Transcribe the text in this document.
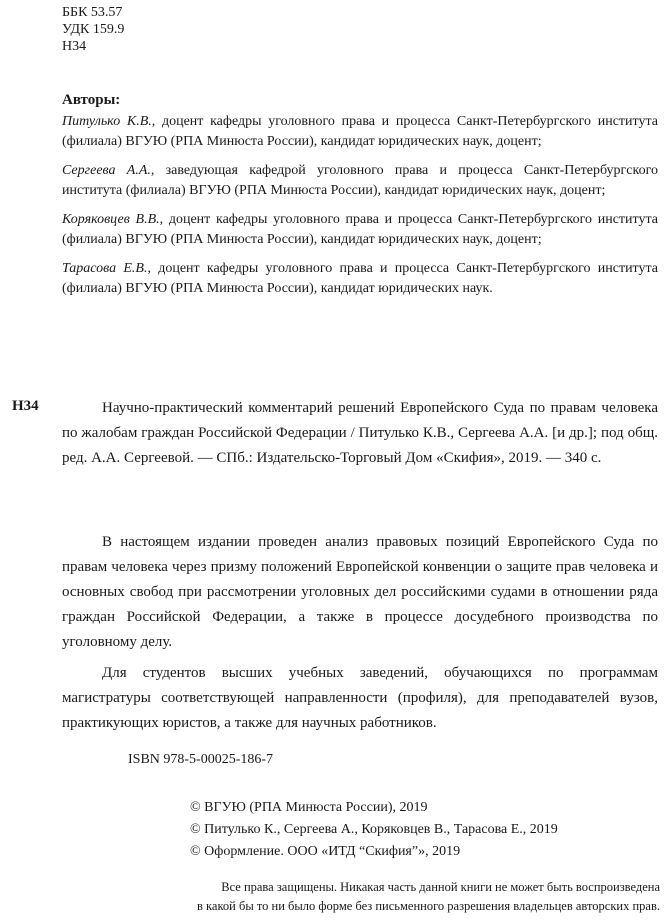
ББК 53.57
УДК 159.9
Н34
Авторы:
Питулько К.В., доцент кафедры уголовного права и процесса Санкт-Петербургского института (филиала) ВГУЮ (РПА Минюста России), кандидат юридических наук, доцент;
Сергеева А.А., заведующая кафедрой уголовного права и процесса Санкт-Петербургского института (филиала) ВГУЮ (РПА Минюста России), кандидат юридических наук, доцент;
Коряковцев В.В., доцент кафедры уголовного права и процесса Санкт-Петербургского института (филиала) ВГУЮ (РПА Минюста России), кандидат юридических наук, доцент;
Тарасова Е.В., доцент кафедры уголовного права и процесса Санкт-Петербургского института (филиала) ВГУЮ (РПА Минюста России), кандидат юридических наук.
Н34	Научно-практический комментарий решений Европейского Суда по правам человека по жалобам граждан Российской Федерации / Питулько К.В., Сергеева А.А. [и др.]; под общ. ред. А.А. Сергеевой. — СПб.: Издательско-Торговый Дом «Скифия», 2019. — 340 с.

В настоящем издании проведен анализ правовых позиций Европейского Суда по правам человека через призму положений Европейской конвенции о защите прав человека и основных свобод при рассмотрении уголовных дел российскими судами в отношении ряда граждан Российской Федерации, а также в процессе досудебного производства по уголовному делу.

Для студентов высших учебных заведений, обучающихся по программам магистратуры соответствующей направленности (профиля), для преподавателей вузов, практикующих юристов, а также для научных работников.

ISBN 978-5-00025-186-7
© ВГУЮ (РПА Минюста России), 2019
© Питулько К., Сергеева А., Коряковцев В., Тарасова Е., 2019
© Оформление. ООО «ИТД “Скифия”», 2019
Все права защищены. Никакая часть данной книги не может быть воспроизведена
в какой бы то ни было форме без письменного разрешения владельцев авторских прав.
